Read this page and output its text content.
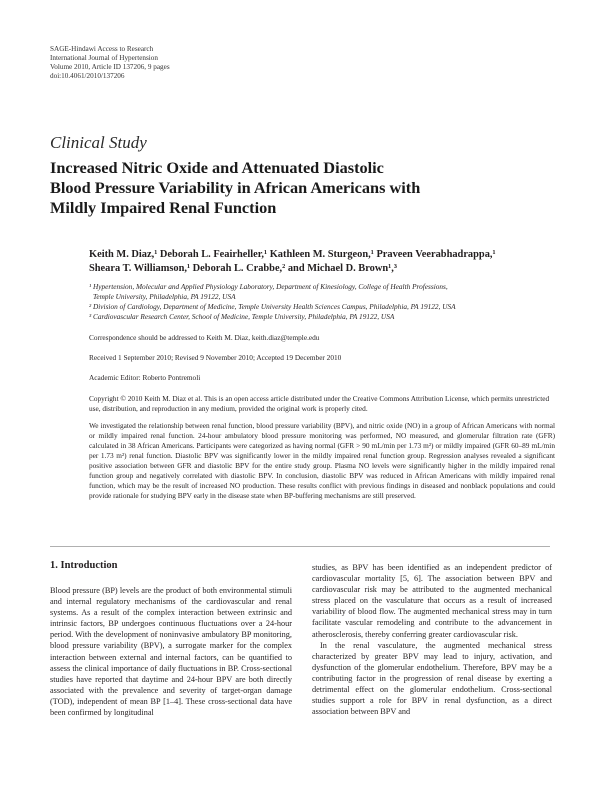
SAGE-Hindawi Access to Research
International Journal of Hypertension
Volume 2010, Article ID 137206, 9 pages
doi:10.4061/2010/137206
Clinical Study
Increased Nitric Oxide and Attenuated Diastolic
Blood Pressure Variability in African Americans with
Mildly Impaired Renal Function
Keith M. Diaz,¹ Deborah L. Feairheller,¹ Kathleen M. Sturgeon,¹ Praveen Veerabhadrappa,¹
Sheara T. Williamson,¹ Deborah L. Crabbe,² and Michael D. Brown¹,³
¹ Hypertension, Molecular and Applied Physiology Laboratory, Department of Kinesiology, College of Health Professions,
Temple University, Philadelphia, PA 19122, USA
² Division of Cardiology, Department of Medicine, Temple University Health Sciences Campus, Philadelphia, PA 19122, USA
³ Cardiovascular Research Center, School of Medicine, Temple University, Philadelphia, PA 19122, USA
Correspondence should be addressed to Keith M. Diaz, keith.diaz@temple.edu
Received 1 September 2010; Revised 9 November 2010; Accepted 19 December 2010
Academic Editor: Roberto Pontremoli
Copyright © 2010 Keith M. Diaz et al. This is an open access article distributed under the Creative Commons Attribution License, which permits unrestricted use, distribution, and reproduction in any medium, provided the original work is properly cited.
We investigated the relationship between renal function, blood pressure variability (BPV), and nitric oxide (NO) in a group of African Americans with normal or mildly impaired renal function. 24-hour ambulatory blood pressure monitoring was performed, NO measured, and glomerular filtration rate (GFR) calculated in 38 African Americans. Participants were categorized as having normal (GFR > 90 mL/min per 1.73 m²) or mildly impaired (GFR 60–89 mL/min per 1.73 m²) renal function. Diastolic BPV was significantly lower in the mildly impaired renal function group. Regression analyses revealed a significant positive association between GFR and diastolic BPV for the entire study group. Plasma NO levels were significantly higher in the mildly impaired renal function group and negatively correlated with diastolic BPV. In conclusion, diastolic BPV was reduced in African Americans with mildly impaired renal function, which may be the result of increased NO production. These results conflict with previous findings in diseased and nonblack populations and could provide rationale for studying BPV early in the disease state when BP-buffering mechanisms are still preserved.
1. Introduction

Blood pressure (BP) levels are the product of both environmental stimuli and internal regulatory mechanisms of the cardiovascular and renal systems. As a result of the complex interaction between extrinsic and intrinsic factors, BP undergoes continuous fluctuations over a 24-hour period. With the development of noninvasive ambulatory BP monitoring, blood pressure variability (BPV), a surrogate marker for the complex interaction between external and internal factors, can be quantified to assess the clinical importance of daily fluctuations in BP. Cross-sectional studies have reported that daytime and 24-hour BPV are both directly associated with the prevalence and severity of target-organ damage (TOD), independent of mean BP [1–4]. These cross-sectional data have been confirmed by longitudinal

studies, as BPV has been identified as an independent predictor of cardiovascular mortality [5, 6]. The association between BPV and cardiovascular risk may be attributed to the augmented mechanical stress placed on the vasculature that occurs as a result of increased variability of blood flow. The augmented mechanical stress may in turn facilitate vascular remodeling and contribute to the advancement in atherosclerosis, thereby conferring greater cardiovascular risk.

In the renal vasculature, the augmented mechanical stress characterized by greater BPV may lead to injury, activation, and dysfunction of the glomerular endothelium. Therefore, BPV may be a contributing factor in the progression of renal disease by exerting a detrimental effect on the glomerular endothelium. Cross-sectional studies support a role for BPV in renal dysfunction, as a direct association between BPV and
